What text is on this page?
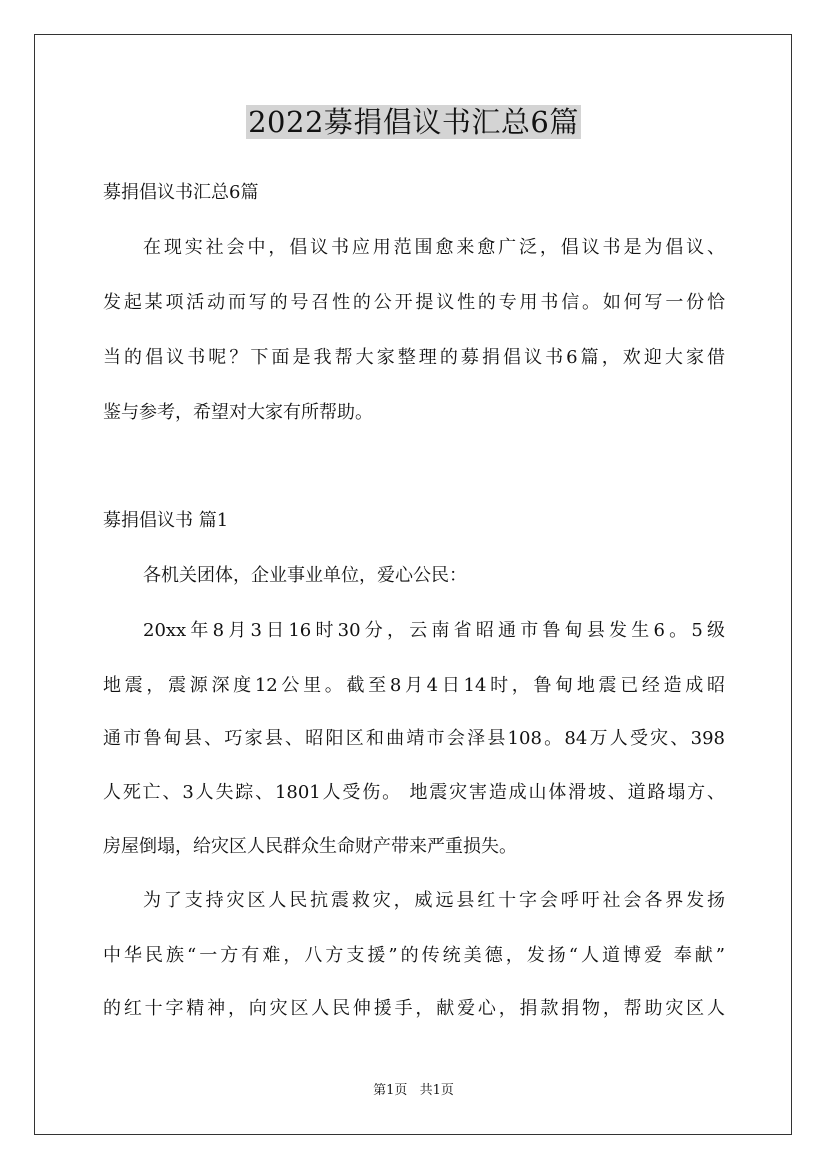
2022募捐倡议书汇总6篇

募捐倡议书汇总6篇

在现实社会中，倡议书应用范围愈来愈广泛，倡议书是为倡议、

发起某项活动而写的号召性的公开提议性的专用书信。如何写一份恰

当的倡议书呢？下面是我帮大家整理的募捐倡议书6篇，欢迎大家借

鉴与参考，希望对大家有所帮助。

募捐倡议书 篇1

各机关团体，企业事业单位，爱心公民：

20xx年8月3日16时30分，云南省昭通市鲁甸县发生6。5级

地震，震源深度12公里。截至8月4日14时，鲁甸地震已经造成昭

通市鲁甸县、巧家县、昭阳区和曲靖市会泽县108。84万人受灾、398

人死亡、3人失踪、1801人受伤。 地震灾害造成山体滑坡、道路塌方、

房屋倒塌，给灾区人民群众生命财产带来严重损失。

为了支持灾区人民抗震救灾，威远县红十字会呼吁社会各界发扬

中华民族“一方有难，八方支援”的传统美德，发扬“人道博爱 奉献”

的红十字精神，向灾区人民伸援手，献爱心，捐款捐物，帮助灾区人

第1页 共1页
